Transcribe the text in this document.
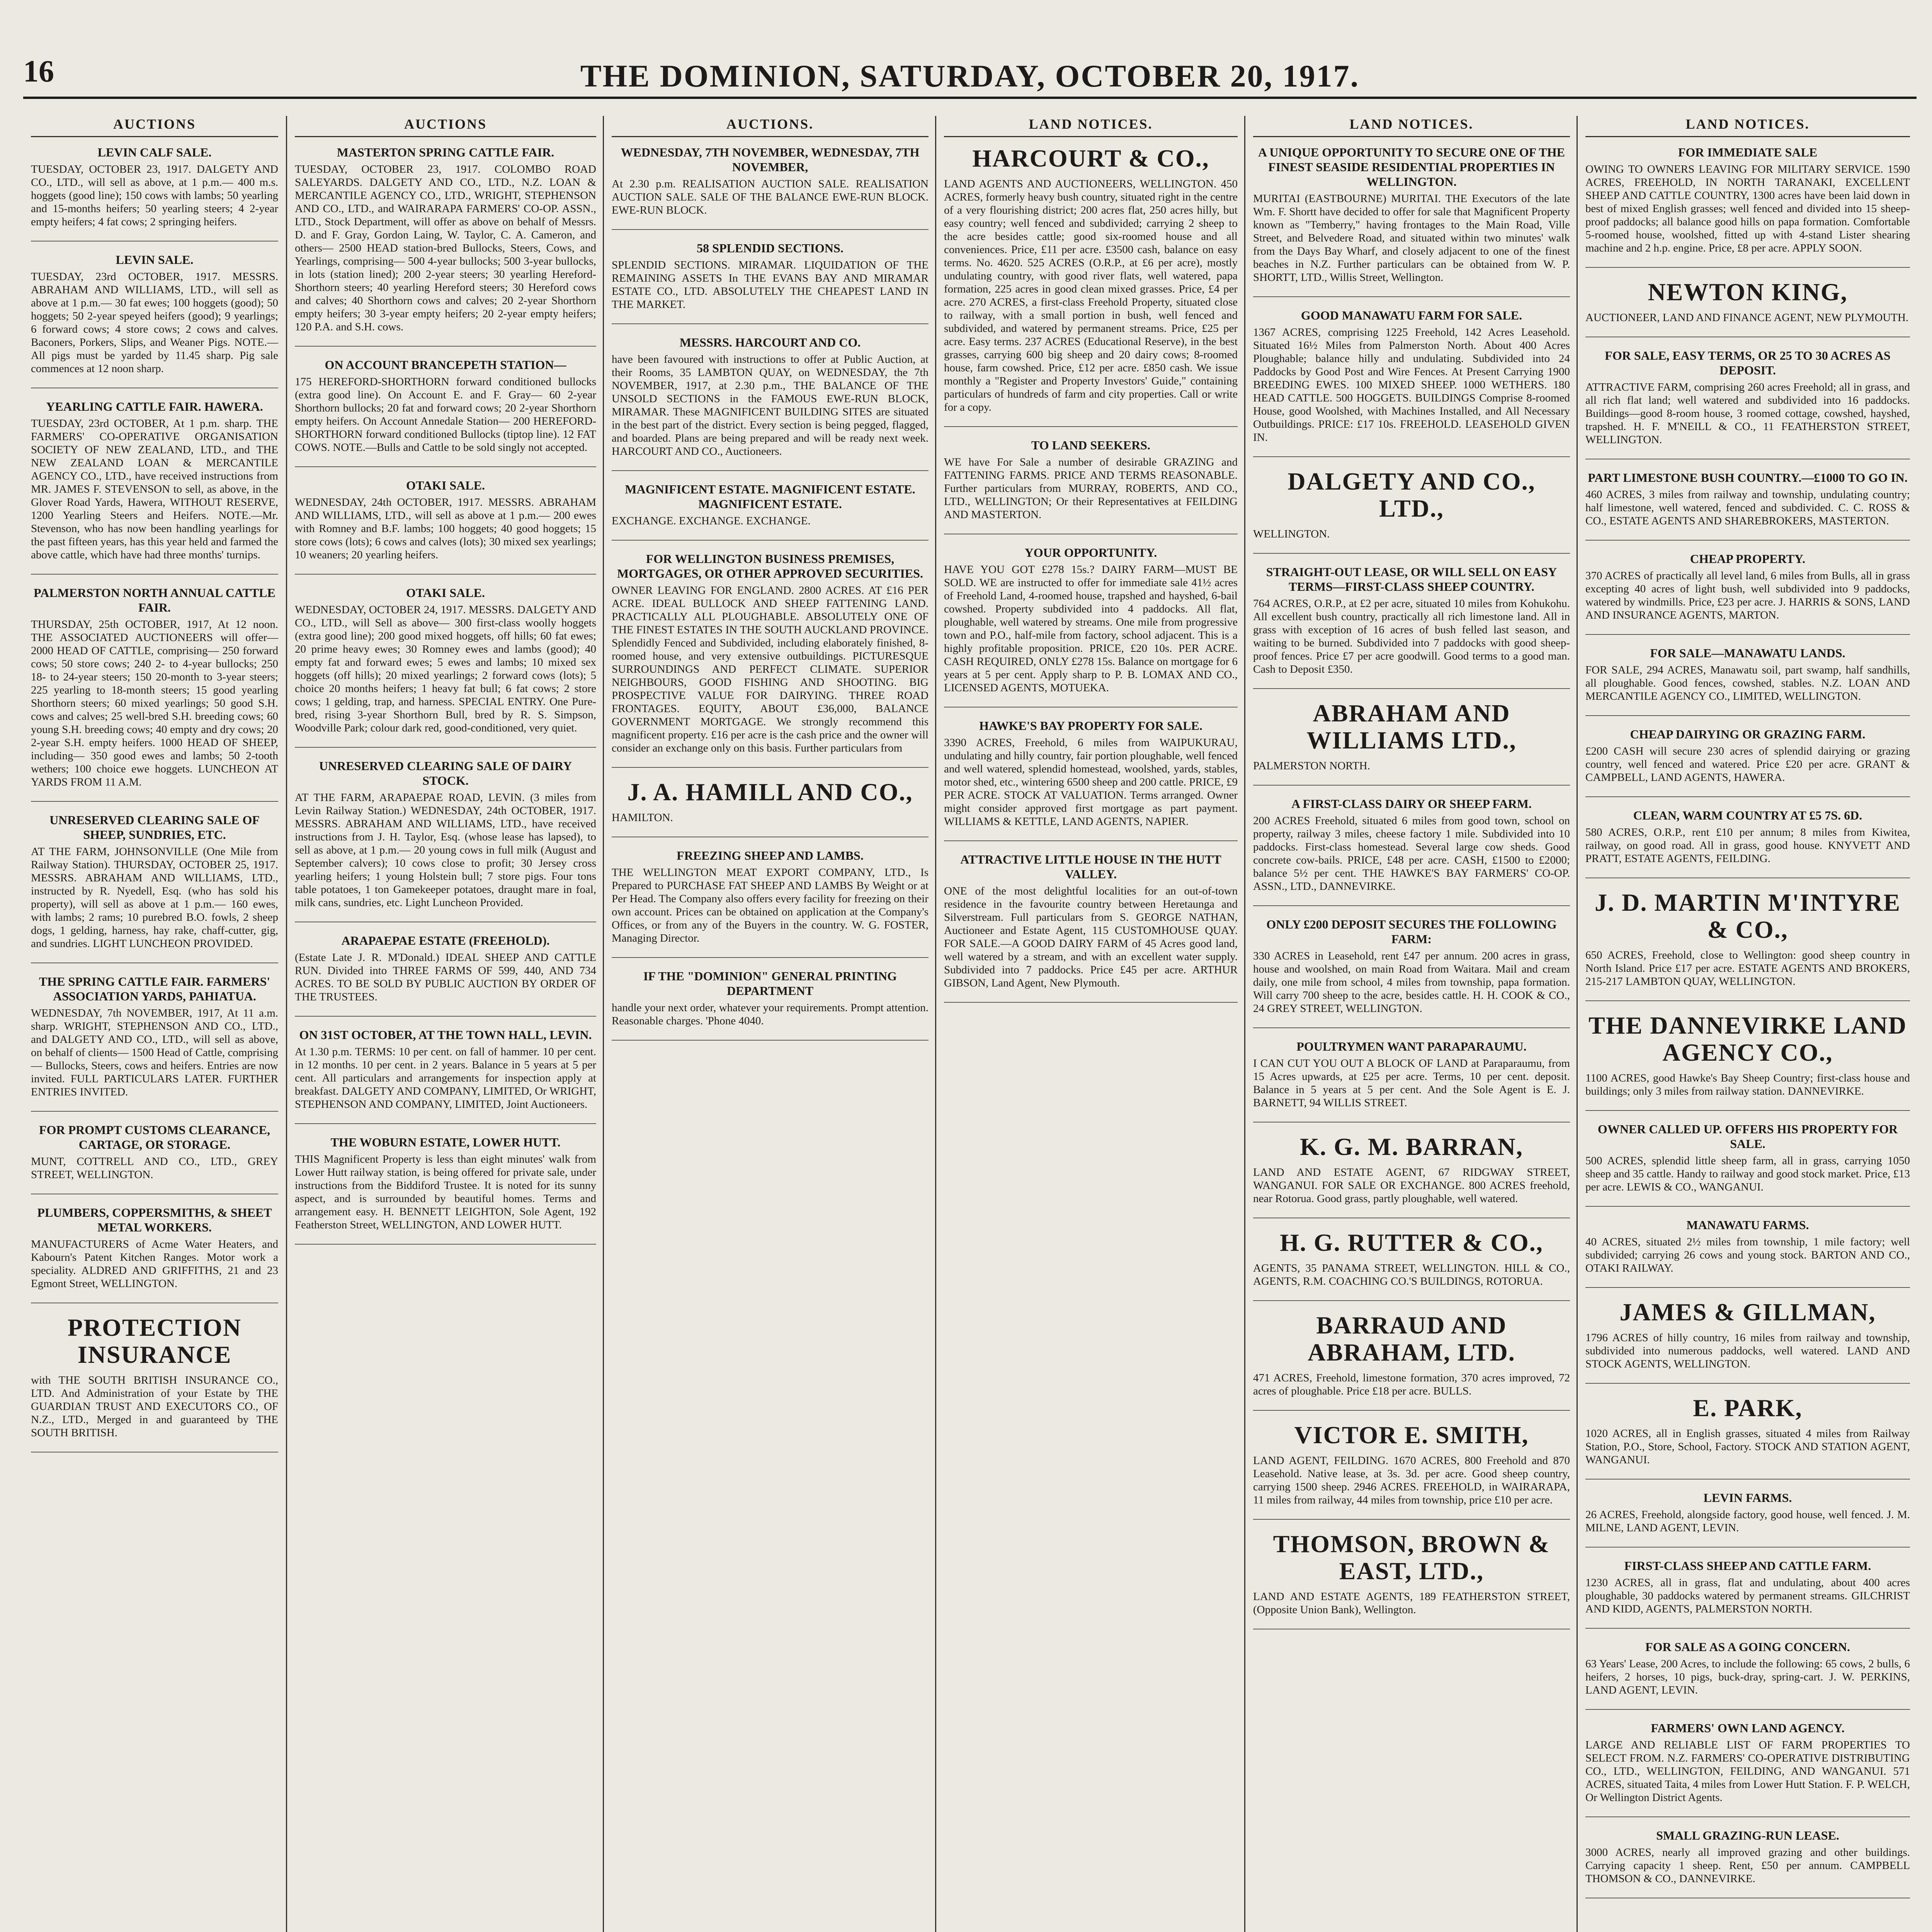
16	THE DOMINION, SATURDAY, OCTOBER 20, 1917.
AUCTIONS
LEVIN CALF SALE.

TUESDAY, OCTOBER 23, 1917. DALGETY AND CO., LTD., will sell as above, at 1 p.m.— 400 m.s. hoggets (good line); 150 cows with lambs; 50 yearling and 15-months heifers; 50 yearling steers; 4 2-year empty heifers; 4 fat cows; 2 springing heifers.

LEVIN SALE.

TUESDAY, 23rd OCTOBER, 1917. MESSRS. ABRAHAM AND WILLIAMS, LTD., will sell as above at 1 p.m.— 30 fat ewes; 100 hoggets (good); 50 hoggets; 50 2-year speyed heifers (good); 9 yearlings; 6 forward cows; 4 store cows; 2 cows and calves. Baconers, Porkers, Slips, and Weaner Pigs. NOTE.—All pigs must be yarded by 11.45 sharp. Pig sale commences at 12 noon sharp.

YEARLING CATTLE FAIR. HAWERA.

TUESDAY, 23rd OCTOBER, At 1 p.m. sharp. THE FARMERS' CO-OPERATIVE ORGANISATION SOCIETY OF NEW ZEALAND, LTD., and THE NEW ZEALAND LOAN & MERCANTILE AGENCY CO., LTD., have received instructions from MR. JAMES F. STEVENSON to sell, as above, in the Glover Road Yards, Hawera, WITHOUT RESERVE, 1200 Yearling Steers and Heifers. NOTE.—Mr. Stevenson, who has now been handling yearlings for the past fifteen years, has this year held and farmed the above cattle, which have had three months' turnips.

PALMERSTON NORTH ANNUAL CATTLE FAIR.

THURSDAY, 25th OCTOBER, 1917, At 12 noon. THE ASSOCIATED AUCTIONEERS will offer— 2000 HEAD OF CATTLE, comprising— 250 forward cows; 50 store cows; 240 2- to 4-year bullocks; 250 18- to 24-year steers; 150 20-month to 3-year steers; 225 yearling to 18-month steers; 15 good yearling Shorthorn steers; 60 mixed yearlings; 50 good S.H. cows and calves; 25 well-bred S.H. breeding cows; 60 young S.H. breeding cows; 40 empty and dry cows; 20 2-year S.H. empty heifers. 1000 HEAD OF SHEEP, including— 350 good ewes and lambs; 50 2-tooth wethers; 100 choice ewe hoggets. LUNCHEON AT YARDS FROM 11 A.M.

UNRESERVED CLEARING SALE OF SHEEP, SUNDRIES, ETC.

AT THE FARM, JOHNSONVILLE (One Mile from Railway Station). THURSDAY, OCTOBER 25, 1917. MESSRS. ABRAHAM AND WILLIAMS, LTD., instructed by R. Nyedell, Esq. (who has sold his property), will sell as above at 1 p.m.— 160 ewes, with lambs; 2 rams; 10 purebred B.O. fowls, 2 sheep dogs, 1 gelding, harness, hay rake, chaff-cutter, gig, and sundries. LIGHT LUNCHEON PROVIDED.

THE SPRING CATTLE FAIR. FARMERS' ASSOCIATION YARDS, PAHIATUA.

WEDNESDAY, 7th NOVEMBER, 1917, At 11 a.m. sharp. WRIGHT, STEPHENSON AND CO., LTD., and DALGETY AND CO., LTD., will sell as above, on behalf of clients— 1500 Head of Cattle, comprising— Bullocks, Steers, cows and heifers. Entries are now invited. FULL PARTICULARS LATER. FURTHER ENTRIES INVITED.

FOR PROMPT CUSTOMS CLEARANCE, CARTAGE, OR STORAGE.

MUNT, COTTRELL AND CO., LTD., GREY STREET, WELLINGTON.

PLUMBERS, COPPERSMITHS, & SHEET METAL WORKERS.

MANUFACTURERS of Acme Water Heaters, and Kabourn's Patent Kitchen Ranges. Motor work a speciality. ALDRED AND GRIFFITHS, 21 and 23 Egmont Street, WELLINGTON.

PROTECTION INSURANCE

with THE SOUTH BRITISH INSURANCE CO., LTD. And Administration of your Estate by THE GUARDIAN TRUST AND EXECUTORS CO., OF N.Z., LTD., Merged in and guaranteed by THE SOUTH BRITISH.

AUCTIONS
MASTERTON SPRING CATTLE FAIR.

TUESDAY, OCTOBER 23, 1917. COLOMBO ROAD SALEYARDS. DALGETY AND CO., LTD., N.Z. LOAN & MERCANTILE AGENCY CO., LTD., WRIGHT, STEPHENSON AND CO., LTD., and WAIRARAPA FARMERS' CO-OP. ASSN., LTD., Stock Department, will offer as above on behalf of Messrs. D. and F. Gray, Gordon Laing, W. Taylor, C. A. Cameron, and others— 2500 HEAD station-bred Bullocks, Steers, Cows, and Yearlings, comprising— 500 4-year bullocks; 500 3-year bullocks, in lots (station lined); 200 2-year steers; 30 yearling Hereford-Shorthorn steers; 40 yearling Hereford steers; 30 Hereford cows and calves; 40 Shorthorn cows and calves; 20 2-year Shorthorn empty heifers; 30 3-year empty heifers; 20 2-year empty heifers; 120 P.A. and S.H. cows.

ON ACCOUNT BRANCEPETH STATION—

175 HEREFORD-SHORTHORN forward conditioned bullocks (extra good line). On Account E. and F. Gray— 60 2-year Shorthorn bullocks; 20 fat and forward cows; 20 2-year Shorthorn empty heifers. On Account Annedale Station— 200 HEREFORD-SHORTHORN forward conditioned Bullocks (tiptop line). 12 FAT COWS. NOTE.—Bulls and Cattle to be sold singly not accepted.

OTAKI SALE.

WEDNESDAY, 24th OCTOBER, 1917. MESSRS. ABRAHAM AND WILLIAMS, LTD., will sell as above at 1 p.m.— 200 ewes with Romney and B.F. lambs; 100 hoggets; 40 good hoggets; 15 store cows (lots); 6 cows and calves (lots); 30 mixed sex yearlings; 10 weaners; 20 yearling heifers.

OTAKI SALE.

WEDNESDAY, OCTOBER 24, 1917. MESSRS. DALGETY AND CO., LTD., will Sell as above— 300 first-class woolly hoggets (extra good line); 200 good mixed hoggets, off hills; 60 fat ewes; 20 prime heavy ewes; 30 Romney ewes and lambs (good); 40 empty fat and forward ewes; 5 ewes and lambs; 10 mixed sex hoggets (off hills); 20 mixed yearlings; 2 forward cows (lots); 5 choice 20 months heifers; 1 heavy fat bull; 6 fat cows; 2 store cows; 1 gelding, trap, and harness. SPECIAL ENTRY. One Pure-bred, rising 3-year Shorthorn Bull, bred by R. S. Simpson, Woodville Park; colour dark red, good-conditioned, very quiet.

UNRESERVED CLEARING SALE OF DAIRY STOCK.

AT THE FARM, ARAPAEPAE ROAD, LEVIN. (3 miles from Levin Railway Station.) WEDNESDAY, 24th OCTOBER, 1917. MESSRS. ABRAHAM AND WILLIAMS, LTD., have received instructions from J. H. Taylor, Esq. (whose lease has lapsed), to sell as above, at 1 p.m.— 20 young cows in full milk (August and September calvers); 10 cows close to profit; 30 Jersey cross yearling heifers; 1 young Holstein bull; 7 store pigs. Four tons table potatoes, 1 ton Gamekeeper potatoes, draught mare in foal, milk cans, sundries, etc. Light Luncheon Provided.

ARAPAEPAE ESTATE (FREEHOLD).

(Estate Late J. R. M'Donald.) IDEAL SHEEP AND CATTLE RUN. Divided into THREE FARMS OF 599, 440, AND 734 ACRES. TO BE SOLD BY PUBLIC AUCTION BY ORDER OF THE TRUSTEES.

ON 31ST OCTOBER, AT THE TOWN HALL, LEVIN.

At 1.30 p.m. TERMS: 10 per cent. on fall of hammer. 10 per cent. in 12 months. 10 per cent. in 2 years. Balance in 5 years at 5 per cent. All particulars and arrangements for inspection apply at breakfast. DALGETY AND COMPANY, LIMITED, Or WRIGHT, STEPHENSON AND COMPANY, LIMITED, Joint Auctioneers.

THE WOBURN ESTATE, LOWER HUTT.

THIS Magnificent Property is less than eight minutes' walk from Lower Hutt railway station, is being offered for private sale, under instructions from the Biddiford Trustee. It is noted for its sunny aspect, and is surrounded by beautiful homes. Terms and arrangement easy. H. BENNETT LEIGHTON, Sole Agent, 192 Featherston Street, WELLINGTON, AND LOWER HUTT.

AUCTIONS.
WEDNESDAY, 7TH NOVEMBER, WEDNESDAY, 7TH NOVEMBER,

At 2.30 p.m. REALISATION AUCTION SALE. REALISATION AUCTION SALE. SALE OF THE BALANCE EWE-RUN BLOCK. EWE-RUN BLOCK.

58 SPLENDID SECTIONS.

SPLENDID SECTIONS. MIRAMAR. LIQUIDATION OF THE REMAINING ASSETS In THE EVANS BAY AND MIRAMAR ESTATE CO., LTD. ABSOLUTELY THE CHEAPEST LAND IN THE MARKET.

MESSRS. HARCOURT AND CO.

have been favoured with instructions to offer at Public Auction, at their Rooms, 35 LAMBTON QUAY, on WEDNESDAY, the 7th NOVEMBER, 1917, at 2.30 p.m., THE BALANCE OF THE UNSOLD SECTIONS in the FAMOUS EWE-RUN BLOCK, MIRAMAR. These MAGNIFICENT BUILDING SITES are situated in the best part of the district. Every section is being pegged, flagged, and boarded. Plans are being prepared and will be ready next week. HARCOURT AND CO., Auctioneers.

MAGNIFICENT ESTATE. MAGNIFICENT ESTATE. MAGNIFICENT ESTATE.

EXCHANGE. EXCHANGE. EXCHANGE.

FOR WELLINGTON BUSINESS PREMISES, MORTGAGES, OR OTHER APPROVED SECURITIES.

OWNER LEAVING FOR ENGLAND. 2800 ACRES. AT £16 PER ACRE. IDEAL BULLOCK AND SHEEP FATTENING LAND. PRACTICALLY ALL PLOUGHABLE. ABSOLUTELY ONE OF THE FINEST ESTATES IN THE SOUTH AUCKLAND PROVINCE. Splendidly Fenced and Subdivided, including elaborately finished, 8-roomed house, and very extensive outbuildings. PICTURESQUE SURROUNDINGS AND PERFECT CLIMATE. SUPERIOR NEIGHBOURS, GOOD FISHING AND SHOOTING. BIG PROSPECTIVE VALUE FOR DAIRYING. THREE ROAD FRONTAGES. EQUITY, ABOUT £36,000, BALANCE GOVERNMENT MORTGAGE. We strongly recommend this magnificent property. £16 per acre is the cash price and the owner will consider an exchange only on this basis. Further particulars from

J. A. HAMILL AND CO.,

HAMILTON.

FREEZING SHEEP AND LAMBS.

THE WELLINGTON MEAT EXPORT COMPANY, LTD., Is Prepared to PURCHASE FAT SHEEP AND LAMBS By Weight or at Per Head. The Company also offers every facility for freezing on their own account. Prices can be obtained on application at the Company's Offices, or from any of the Buyers in the country. W. G. FOSTER, Managing Director.

IF THE "DOMINION" GENERAL PRINTING DEPARTMENT

handle your next order, whatever your requirements. Prompt attention. Reasonable charges. 'Phone 4040.

LAND NOTICES.
HARCOURT & CO.,

LAND AGENTS AND AUCTIONEERS, WELLINGTON. 450 ACRES, formerly heavy bush country, situated right in the centre of a very flourishing district; 200 acres flat, 250 acres hilly, but easy country; well fenced and subdivided; carrying 2 sheep to the acre besides cattle; good six-roomed house and all conveniences. Price, £11 per acre. £3500 cash, balance on easy terms. No. 4620. 525 ACRES (O.R.P., at £6 per acre), mostly undulating country, with good river flats, well watered, papa formation, 225 acres in good clean mixed grasses. Price, £4 per acre. 270 ACRES, a first-class Freehold Property, situated close to railway, with a small portion in bush, well fenced and subdivided, and watered by permanent streams. Price, £25 per acre. Easy terms. 237 ACRES (Educational Reserve), in the best grasses, carrying 600 big sheep and 20 dairy cows; 8-roomed house, farm cowshed. Price, £12 per acre. £850 cash. We issue monthly a "Register and Property Investors' Guide," containing particulars of hundreds of farm and city properties. Call or write for a copy.

TO LAND SEEKERS.

WE have For Sale a number of desirable GRAZING and FATTENING FARMS. PRICE AND TERMS REASONABLE. Further particulars from MURRAY, ROBERTS, AND CO., LTD., WELLINGTON; Or their Representatives at FEILDING AND MASTERTON.

YOUR OPPORTUNITY.

HAVE YOU GOT £278 15s.? DAIRY FARM—MUST BE SOLD. WE are instructed to offer for immediate sale 41½ acres of Freehold Land, 4-roomed house, trapshed and hayshed, 6-bail cowshed. Property subdivided into 4 paddocks. All flat, ploughable, well watered by streams. One mile from progressive town and P.O., half-mile from factory, school adjacent. This is a highly profitable proposition. PRICE, £20 10s. PER ACRE. CASH REQUIRED, ONLY £278 15s. Balance on mortgage for 6 years at 5 per cent. Apply sharp to P. B. LOMAX AND CO., LICENSED AGENTS, MOTUEKA.

HAWKE'S BAY PROPERTY FOR SALE.

3390 ACRES, Freehold, 6 miles from WAIPUKURAU, undulating and hilly country, fair portion ploughable, well fenced and well watered, splendid homestead, woolshed, yards, stables, motor shed, etc., wintering 6500 sheep and 200 cattle. PRICE, £9 PER ACRE. STOCK AT VALUATION. Terms arranged. Owner might consider approved first mortgage as part payment. WILLIAMS & KETTLE, LAND AGENTS, NAPIER.

ATTRACTIVE LITTLE HOUSE IN THE HUTT VALLEY.

ONE of the most delightful localities for an out-of-town residence in the favourite country between Heretaunga and Silverstream. Full particulars from S. GEORGE NATHAN, Auctioneer and Estate Agent, 115 CUSTOMHOUSE QUAY. FOR SALE.—A GOOD DAIRY FARM of 45 Acres good land, well watered by a stream, and with an excellent water supply. Subdivided into 7 paddocks. Price £45 per acre. ARTHUR GIBSON, Land Agent, New Plymouth.

LAND NOTICES.
A UNIQUE OPPORTUNITY TO SECURE ONE OF THE FINEST SEASIDE RESIDENTIAL PROPERTIES IN WELLINGTON.

MURITAI (EASTBOURNE) MURITAI. THE Executors of the late Wm. F. Shortt have decided to offer for sale that Magnificent Property known as "Temberry," having frontages to the Main Road, Ville Street, and Belvedere Road, and situated within two minutes' walk from the Days Bay Wharf, and closely adjacent to one of the finest beaches in N.Z. Further particulars can be obtained from W. P. SHORTT, LTD., Willis Street, Wellington.

GOOD MANAWATU FARM FOR SALE.

1367 ACRES, comprising 1225 Freehold, 142 Acres Leasehold. Situated 16½ Miles from Palmerston North. About 400 Acres Ploughable; balance hilly and undulating. Subdivided into 24 Paddocks by Good Post and Wire Fences. At Present Carrying 1900 BREEDING EWES. 100 MIXED SHEEP. 1000 WETHERS. 180 HEAD CATTLE. 500 HOGGETS. BUILDINGS Comprise 8-roomed House, good Woolshed, with Machines Installed, and All Necessary Outbuildings. PRICE: £17 10s. FREEHOLD. LEASEHOLD GIVEN IN.

DALGETY AND CO., LTD.,

WELLINGTON.

STRAIGHT-OUT LEASE, OR WILL SELL ON EASY TERMS—FIRST-CLASS SHEEP COUNTRY.

764 ACRES, O.R.P., at £2 per acre, situated 10 miles from Kohukohu. All excellent bush country, practically all rich limestone land. All in grass with exception of 16 acres of bush felled last season, and waiting to be burned. Subdivided into 7 paddocks with good sheep-proof fences. Price £7 per acre goodwill. Good terms to a good man. Cash to Deposit £350.

ABRAHAM AND WILLIAMS LTD.,

PALMERSTON NORTH.

A FIRST-CLASS DAIRY OR SHEEP FARM.

200 ACRES Freehold, situated 6 miles from good town, school on property, railway 3 miles, cheese factory 1 mile. Subdivided into 10 paddocks. First-class homestead. Several large cow sheds. Good concrete cow-bails. PRICE, £48 per acre. CASH, £1500 to £2000; balance 5½ per cent. THE HAWKE'S BAY FARMERS' CO-OP. ASSN., LTD., DANNEVIRKE.

ONLY £200 DEPOSIT SECURES THE FOLLOWING FARM:

330 ACRES in Leasehold, rent £47 per annum. 200 acres in grass, house and woolshed, on main Road from Waitara. Mail and cream daily, one mile from school, 4 miles from township, papa formation. Will carry 700 sheep to the acre, besides cattle. H. H. COOK & CO., 24 GREY STREET, WELLINGTON.

POULTRYMEN WANT PARAPARAUMU.

I CAN CUT YOU OUT A BLOCK OF LAND at Paraparaumu, from 15 Acres upwards, at £25 per acre. Terms, 10 per cent. deposit. Balance in 5 years at 5 per cent. And the Sole Agent is E. J. BARNETT, 94 WILLIS STREET.

K. G. M. BARRAN,

LAND AND ESTATE AGENT, 67 RIDGWAY STREET, WANGANUI. FOR SALE OR EXCHANGE. 800 ACRES freehold, near Rotorua. Good grass, partly ploughable, well watered.

H. G. RUTTER & CO.,

AGENTS, 35 PANAMA STREET, WELLINGTON. HILL & CO., AGENTS, R.M. COACHING CO.'S BUILDINGS, ROTORUA.

BARRAUD AND ABRAHAM, LTD.

471 ACRES, Freehold, limestone formation, 370 acres improved, 72 acres of ploughable. Price £18 per acre. BULLS.

VICTOR E. SMITH,

LAND AGENT, FEILDING. 1670 ACRES, 800 Freehold and 870 Leasehold. Native lease, at 3s. 3d. per acre. Good sheep country, carrying 1500 sheep. 2946 ACRES. FREEHOLD, in WAIRARAPA, 11 miles from railway, 44 miles from township, price £10 per acre.

THOMSON, BROWN & EAST, LTD.,

LAND AND ESTATE AGENTS, 189 FEATHERSTON STREET, (Opposite Union Bank), Wellington.

LAND NOTICES.
FOR IMMEDIATE SALE

OWING TO OWNERS LEAVING FOR MILITARY SERVICE. 1590 ACRES, FREEHOLD, IN NORTH TARANAKI, EXCELLENT SHEEP AND CATTLE COUNTRY, 1300 acres have been laid down in best of mixed English grasses; well fenced and divided into 15 sheep-proof paddocks; all balance good hills on papa formation. Comfortable 5-roomed house, woolshed, fitted up with 4-stand Lister shearing machine and 2 h.p. engine. Price, £8 per acre. APPLY SOON.

NEWTON KING,

AUCTIONEER, LAND AND FINANCE AGENT, NEW PLYMOUTH.

FOR SALE, EASY TERMS, OR 25 TO 30 ACRES AS DEPOSIT.

ATTRACTIVE FARM, comprising 260 acres Freehold; all in grass, and all rich flat land; well watered and subdivided into 16 paddocks. Buildings—good 8-room house, 3 roomed cottage, cowshed, hayshed, trapshed. H. F. M'NEILL & CO., 11 FEATHERSTON STREET, WELLINGTON.

PART LIMESTONE BUSH COUNTRY.—£1000 TO GO IN.

460 ACRES, 3 miles from railway and township, undulating country; half limestone, well watered, fenced and subdivided. C. C. ROSS & CO., ESTATE AGENTS AND SHAREBROKERS, MASTERTON.

CHEAP PROPERTY.

370 ACRES of practically all level land, 6 miles from Bulls, all in grass excepting 40 acres of light bush, well subdivided into 9 paddocks, watered by windmills. Price, £23 per acre. J. HARRIS & SONS, LAND AND INSURANCE AGENTS, MARTON.

FOR SALE—MANAWATU LANDS.

FOR SALE, 294 ACRES, Manawatu soil, part swamp, half sandhills, all ploughable. Good fences, cowshed, stables. N.Z. LOAN AND MERCANTILE AGENCY CO., LIMITED, WELLINGTON.

CHEAP DAIRYING OR GRAZING FARM.

£200 CASH will secure 230 acres of splendid dairying or grazing country, well fenced and watered. Price £20 per acre. GRANT & CAMPBELL, LAND AGENTS, HAWERA.

CLEAN, WARM COUNTRY AT £5 7S. 6D.

580 ACRES, O.R.P., rent £10 per annum; 8 miles from Kiwitea, railway, on good road. All in grass, good house. KNYVETT AND PRATT, ESTATE AGENTS, FEILDING.

J. D. MARTIN M'INTYRE & CO.,

650 ACRES, Freehold, close to Wellington: good sheep country in North Island. Price £17 per acre. ESTATE AGENTS AND BROKERS, 215-217 LAMBTON QUAY, WELLINGTON.

THE DANNEVIRKE LAND AGENCY CO.,

1100 ACRES, good Hawke's Bay Sheep Country; first-class house and buildings; only 3 miles from railway station. DANNEVIRKE.

OWNER CALLED UP. OFFERS HIS PROPERTY FOR SALE.

500 ACRES, splendid little sheep farm, all in grass, carrying 1050 sheep and 35 cattle. Handy to railway and good stock market. Price, £13 per acre. LEWIS & CO., WANGANUI.

MANAWATU FARMS.

40 ACRES, situated 2½ miles from township, 1 mile factory; well subdivided; carrying 26 cows and young stock. BARTON AND CO., OTAKI RAILWAY.

JAMES & GILLMAN,

1796 ACRES of hilly country, 16 miles from railway and township, subdivided into numerous paddocks, well watered. LAND AND STOCK AGENTS, WELLINGTON.

E. PARK,

1020 ACRES, all in English grasses, situated 4 miles from Railway Station, P.O., Store, School, Factory. STOCK AND STATION AGENT, WANGANUI.

LEVIN FARMS.

26 ACRES, Freehold, alongside factory, good house, well fenced. J. M. MILNE, LAND AGENT, LEVIN.

FIRST-CLASS SHEEP AND CATTLE FARM.

1230 ACRES, all in grass, flat and undulating, about 400 acres ploughable, 30 paddocks watered by permanent streams. GILCHRIST AND KIDD, AGENTS, PALMERSTON NORTH.

FOR SALE AS A GOING CONCERN.

63 Years' Lease, 200 Acres, to include the following: 65 cows, 2 bulls, 6 heifers, 2 horses, 10 pigs, buck-dray, spring-cart. J. W. PERKINS, LAND AGENT, LEVIN.

FARMERS' OWN LAND AGENCY.

LARGE AND RELIABLE LIST OF FARM PROPERTIES TO SELECT FROM. N.Z. FARMERS' CO-OPERATIVE DISTRIBUTING CO., LTD., WELLINGTON, FEILDING, AND WANGANUI. 571 ACRES, situated Taita, 4 miles from Lower Hutt Station. F. P. WELCH, Or Wellington District Agents.

SMALL GRAZING-RUN LEASE.

3000 ACRES, nearly all improved grazing and other buildings. Carrying capacity 1 sheep. Rent, £50 per annum. CAMPBELL THOMSON & CO., DANNEVIRKE.
